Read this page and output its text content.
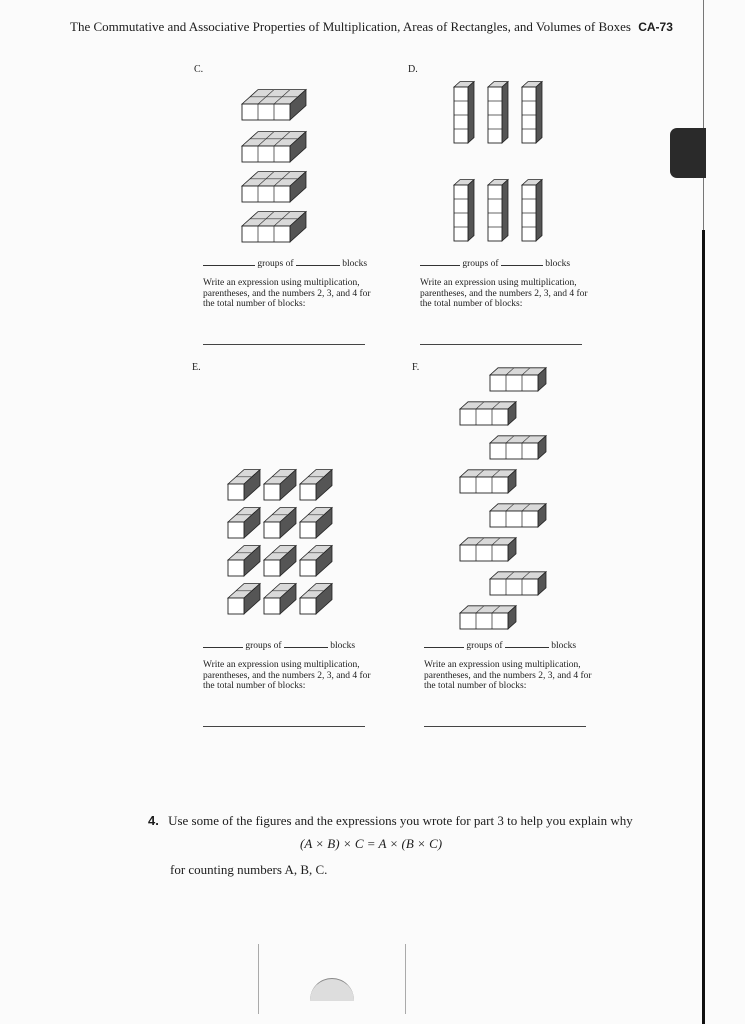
The Commutative and Associative Properties of Multiplication, Areas of Rectangles, and Volumes of Boxes CA-73
C.
groups of	blocks
Write an expression using multiplication, parentheses, and the numbers 2, 3, and 4 for the total number of blocks:
D.
groups of	blocks
Write an expression using multiplication, parentheses, and the numbers 2, 3, and 4 for the total number of blocks:
E.
groups of	blocks
Write an expression using multiplication, parentheses, and the numbers 2, 3, and 4 for the total number of blocks:
F.
groups of	blocks
Write an expression using multiplication, parentheses, and the numbers 2, 3, and 4 for the total number of blocks:
4. Use some of the figures and the expressions you wrote for part 3 to help you explain why
(A × B) × C = A × (B × C)
for counting numbers A, B, C.
